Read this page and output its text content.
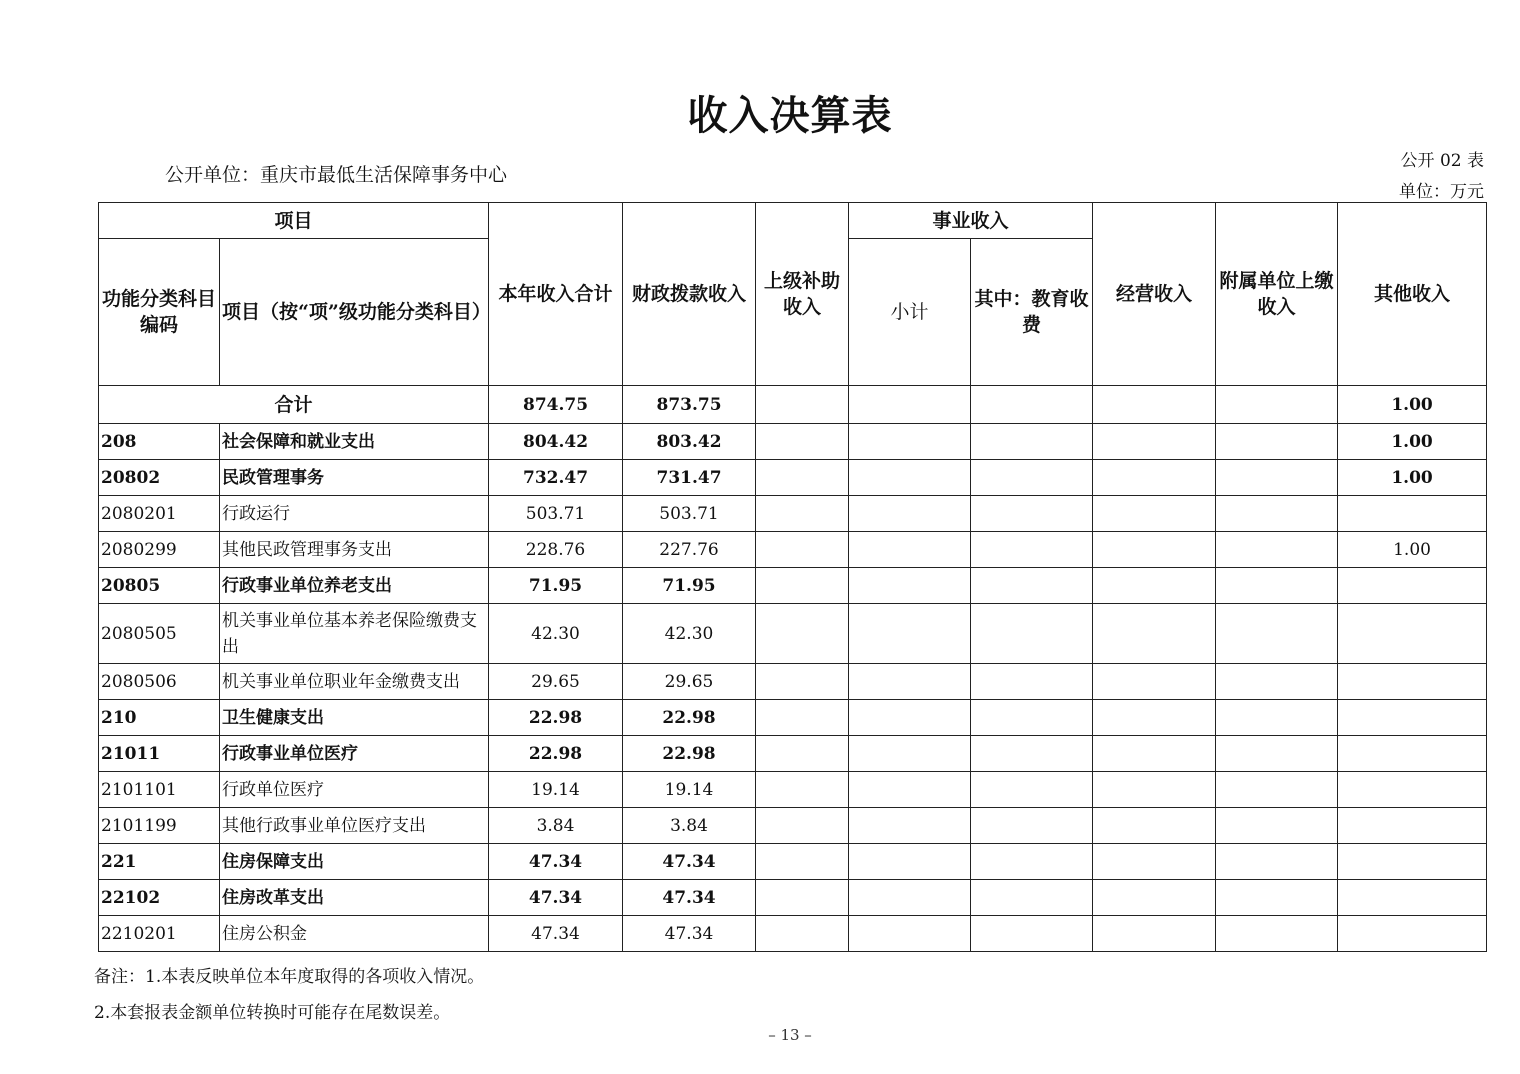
收入决算表
公开单位：重庆市最低生活保障事务中心
公开 02 表
单位：万元
项目		本年收入合计	财政拨款收入	上级补助收入	事业收入		经营收入	附属单位上缴收入	其他收入
功能分类科目编码	项目（按“项”级功能分类科目）				小计	其中：教育收费			
合计		874.75	873.75						1.00
208	社会保障和就业支出	804.42	803.42						1.00
20802	民政管理事务	732.47	731.47						1.00
2080201	行政运行	503.71	503.71						
2080299	其他民政管理事务支出	228.76	227.76						1.00
20805	行政事业单位养老支出	71.95	71.95						
2080505	机关事业单位基本养老保险缴费支出	42.30	42.30						
2080506	机关事业单位职业年金缴费支出	29.65	29.65						
210	卫生健康支出	22.98	22.98						
21011	行政事业单位医疗	22.98	22.98						
2101101	行政单位医疗	19.14	19.14						
2101199	其他行政事业单位医疗支出	3.84	3.84						
221	住房保障支出	47.34	47.34						
22102	住房改革支出	47.34	47.34						
2210201	住房公积金	47.34	47.34						
备注：1.本表反映单位本年度取得的各项收入情况。
2.本套报表金额单位转换时可能存在尾数误差。
– 13 –
